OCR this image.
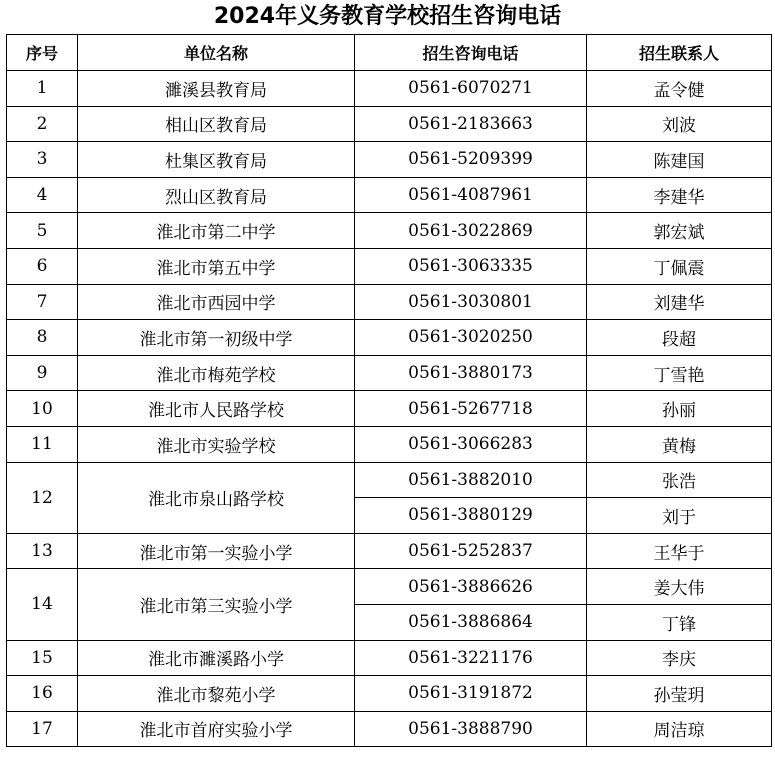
2024年义务教育学校招生咨询电话
序号	单位名称	招生咨询电话	招生联系人
1	濉溪县教育局	0561-6070271	孟令健
2	相山区教育局	0561-2183663	刘波
3	杜集区教育局	0561-5209399	陈建国
4	烈山区教育局	0561-4087961	李建华
5	淮北市第二中学	0561-3022869	郭宏斌
6	淮北市第五中学	0561-3063335	丁佩震
7	淮北市西园中学	0561-3030801	刘建华
8	淮北市第一初级中学	0561-3020250	段超
9	淮北市梅苑学校	0561-3880173	丁雪艳
10	淮北市人民路学校	0561-5267718	孙丽
11	淮北市实验学校	0561-3066283	黄梅
12	淮北市泉山路学校	0561-3882010	张浩
		0561-3880129	刘于
13	淮北市第一实验小学	0561-5252837	王华于
14	淮北市第三实验小学	0561-3886626	姜大伟
		0561-3886864	丁锋
15	淮北市濉溪路小学	0561-3221176	李庆
16	淮北市黎苑小学	0561-3191872	孙莹玥
17	淮北市首府实验小学	0561-3888790	周洁琼
